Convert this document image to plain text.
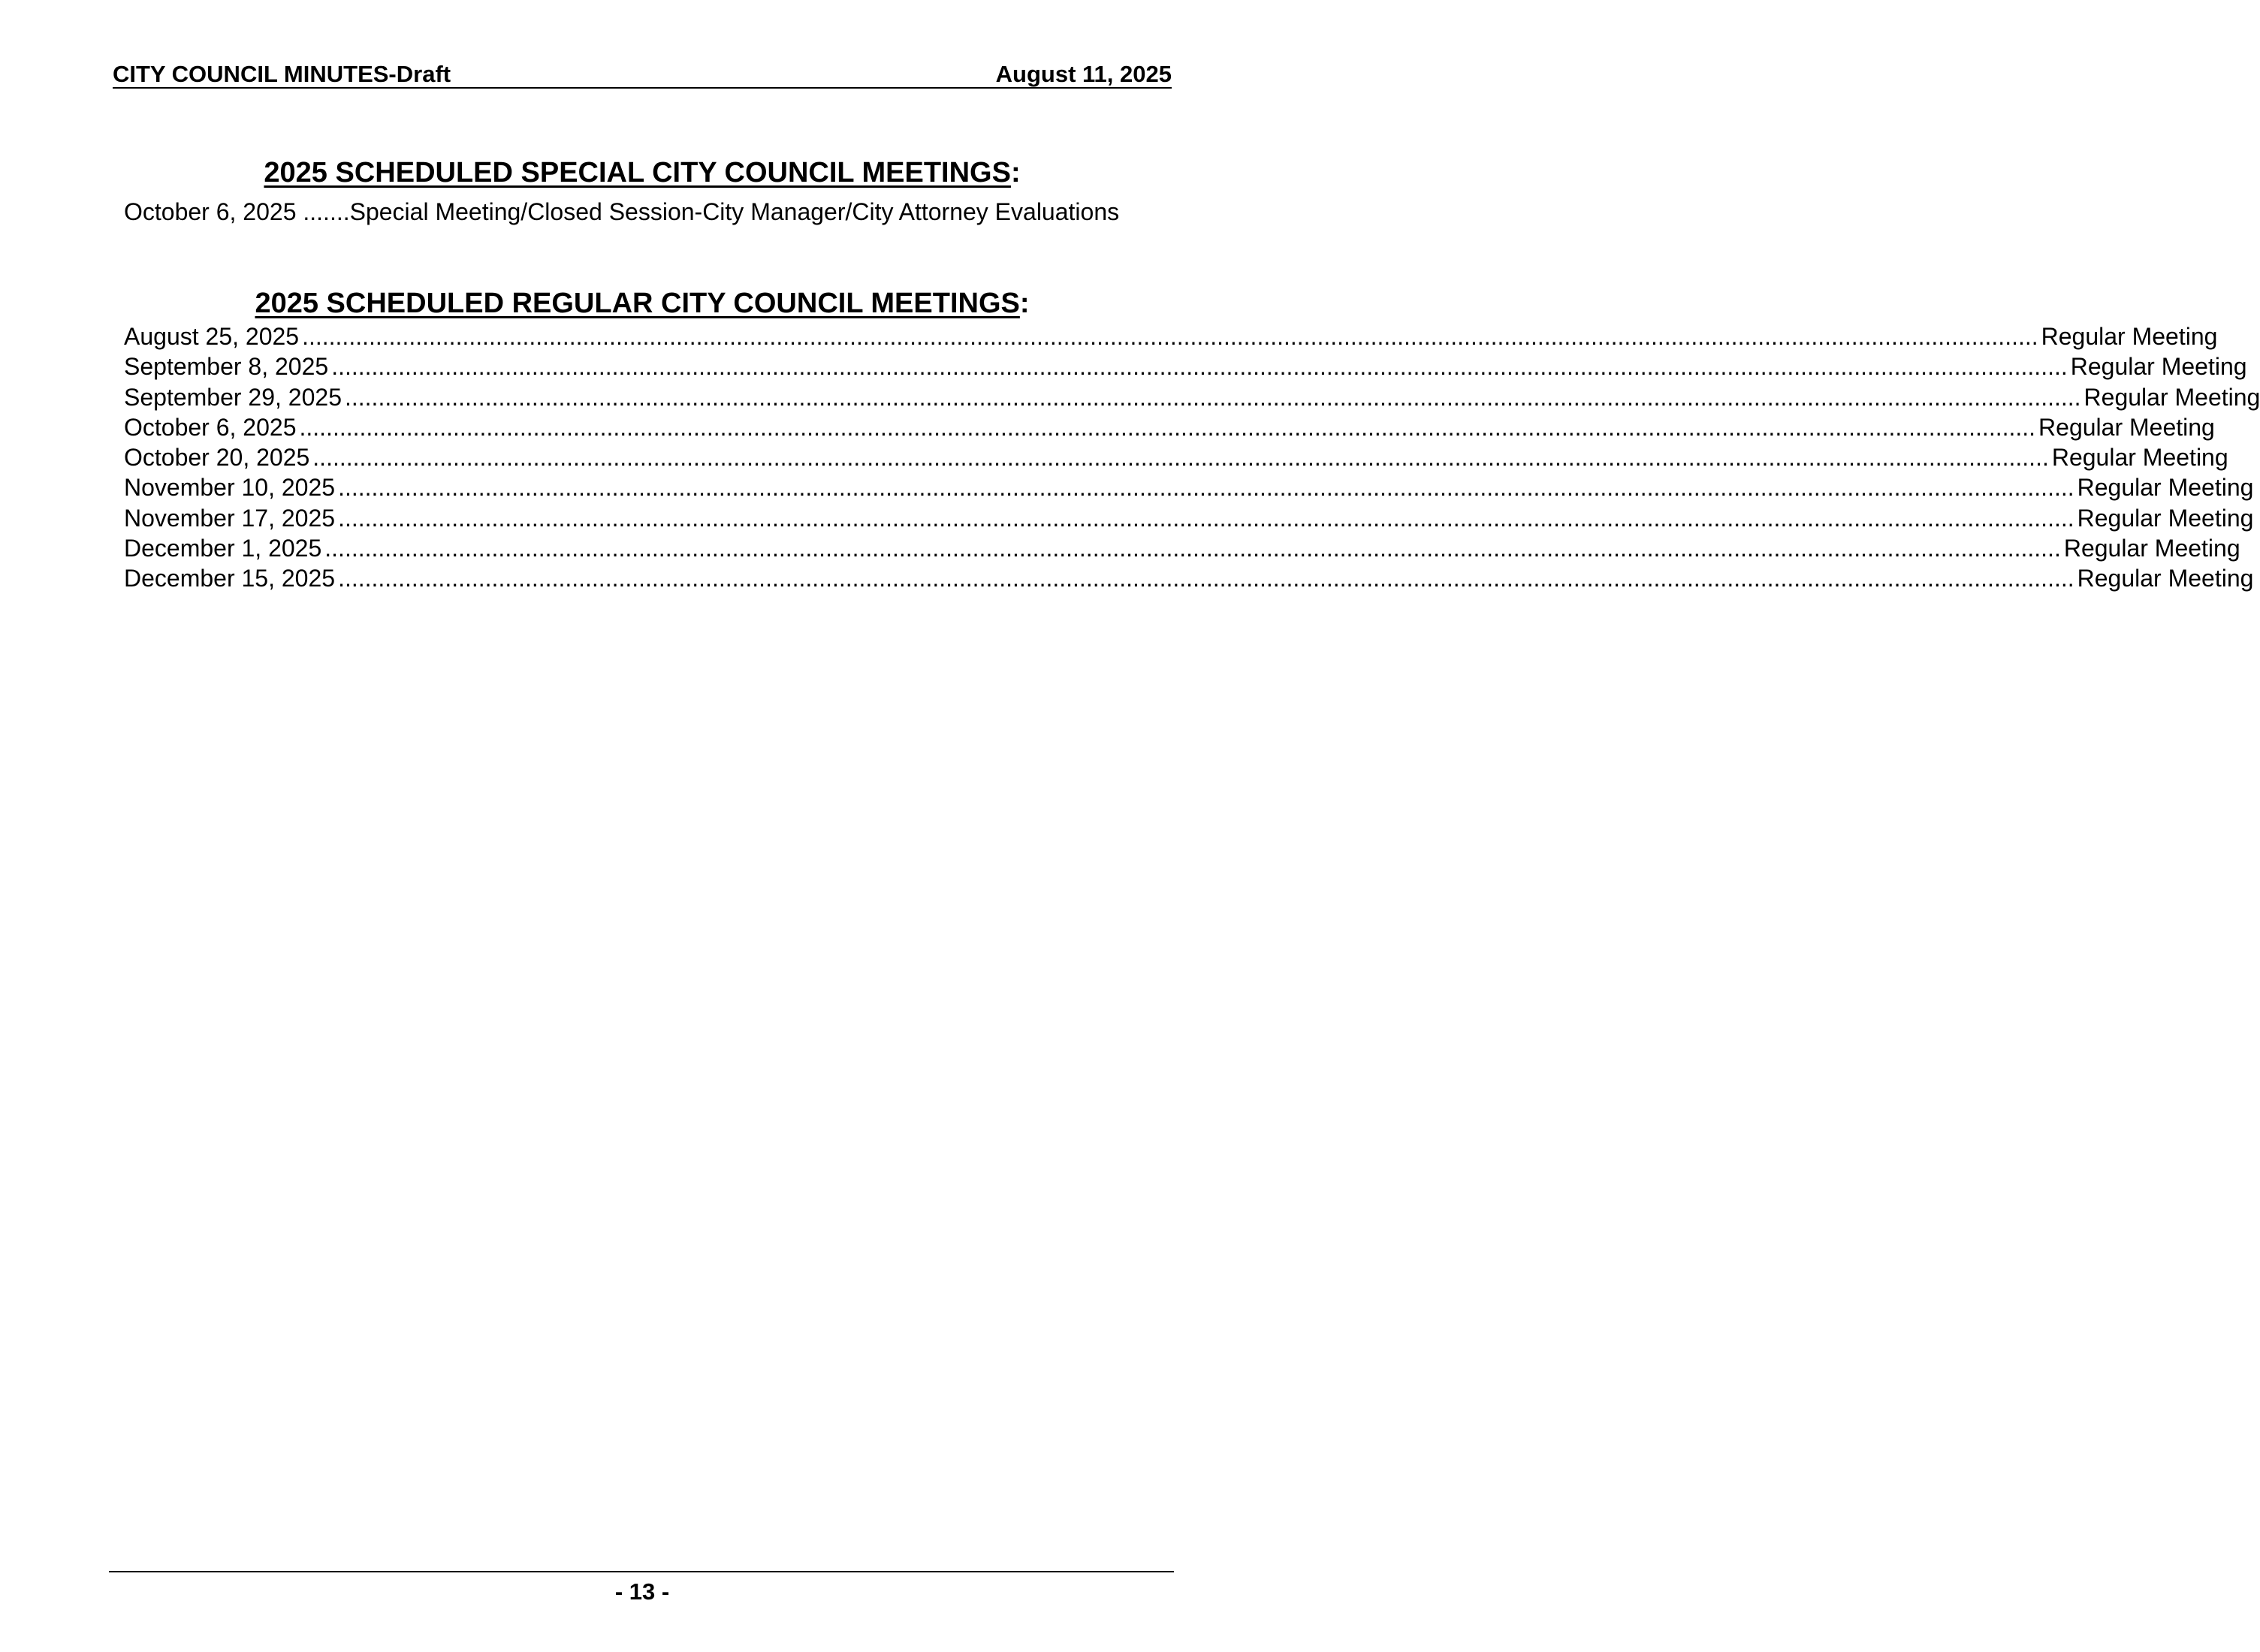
CITY COUNCIL MINUTES-Draft	August 11, 2025
2025 SCHEDULED SPECIAL CITY COUNCIL MEETINGS:
October 6, 2025 .......Special Meeting/Closed Session-City Manager/City Attorney Evaluations
2025 SCHEDULED REGULAR CITY COUNCIL MEETINGS:
August 25, 2025 .................................................................................................................................................................................................................................................................... Regular Meeting
September 8, 2025 .................................................................................................................................................................................................................................................................... Regular Meeting
September 29, 2025 .................................................................................................................................................................................................................................................................... Regular Meeting
October 6, 2025 .................................................................................................................................................................................................................................................................... Regular Meeting
October 20, 2025 .................................................................................................................................................................................................................................................................... Regular Meeting
November 10, 2025 .................................................................................................................................................................................................................................................................... Regular Meeting
November 17, 2025 .................................................................................................................................................................................................................................................................... Regular Meeting
December 1, 2025 .................................................................................................................................................................................................................................................................... Regular Meeting
December 15, 2025 .................................................................................................................................................................................................................................................................... Regular Meeting
- 13 -
